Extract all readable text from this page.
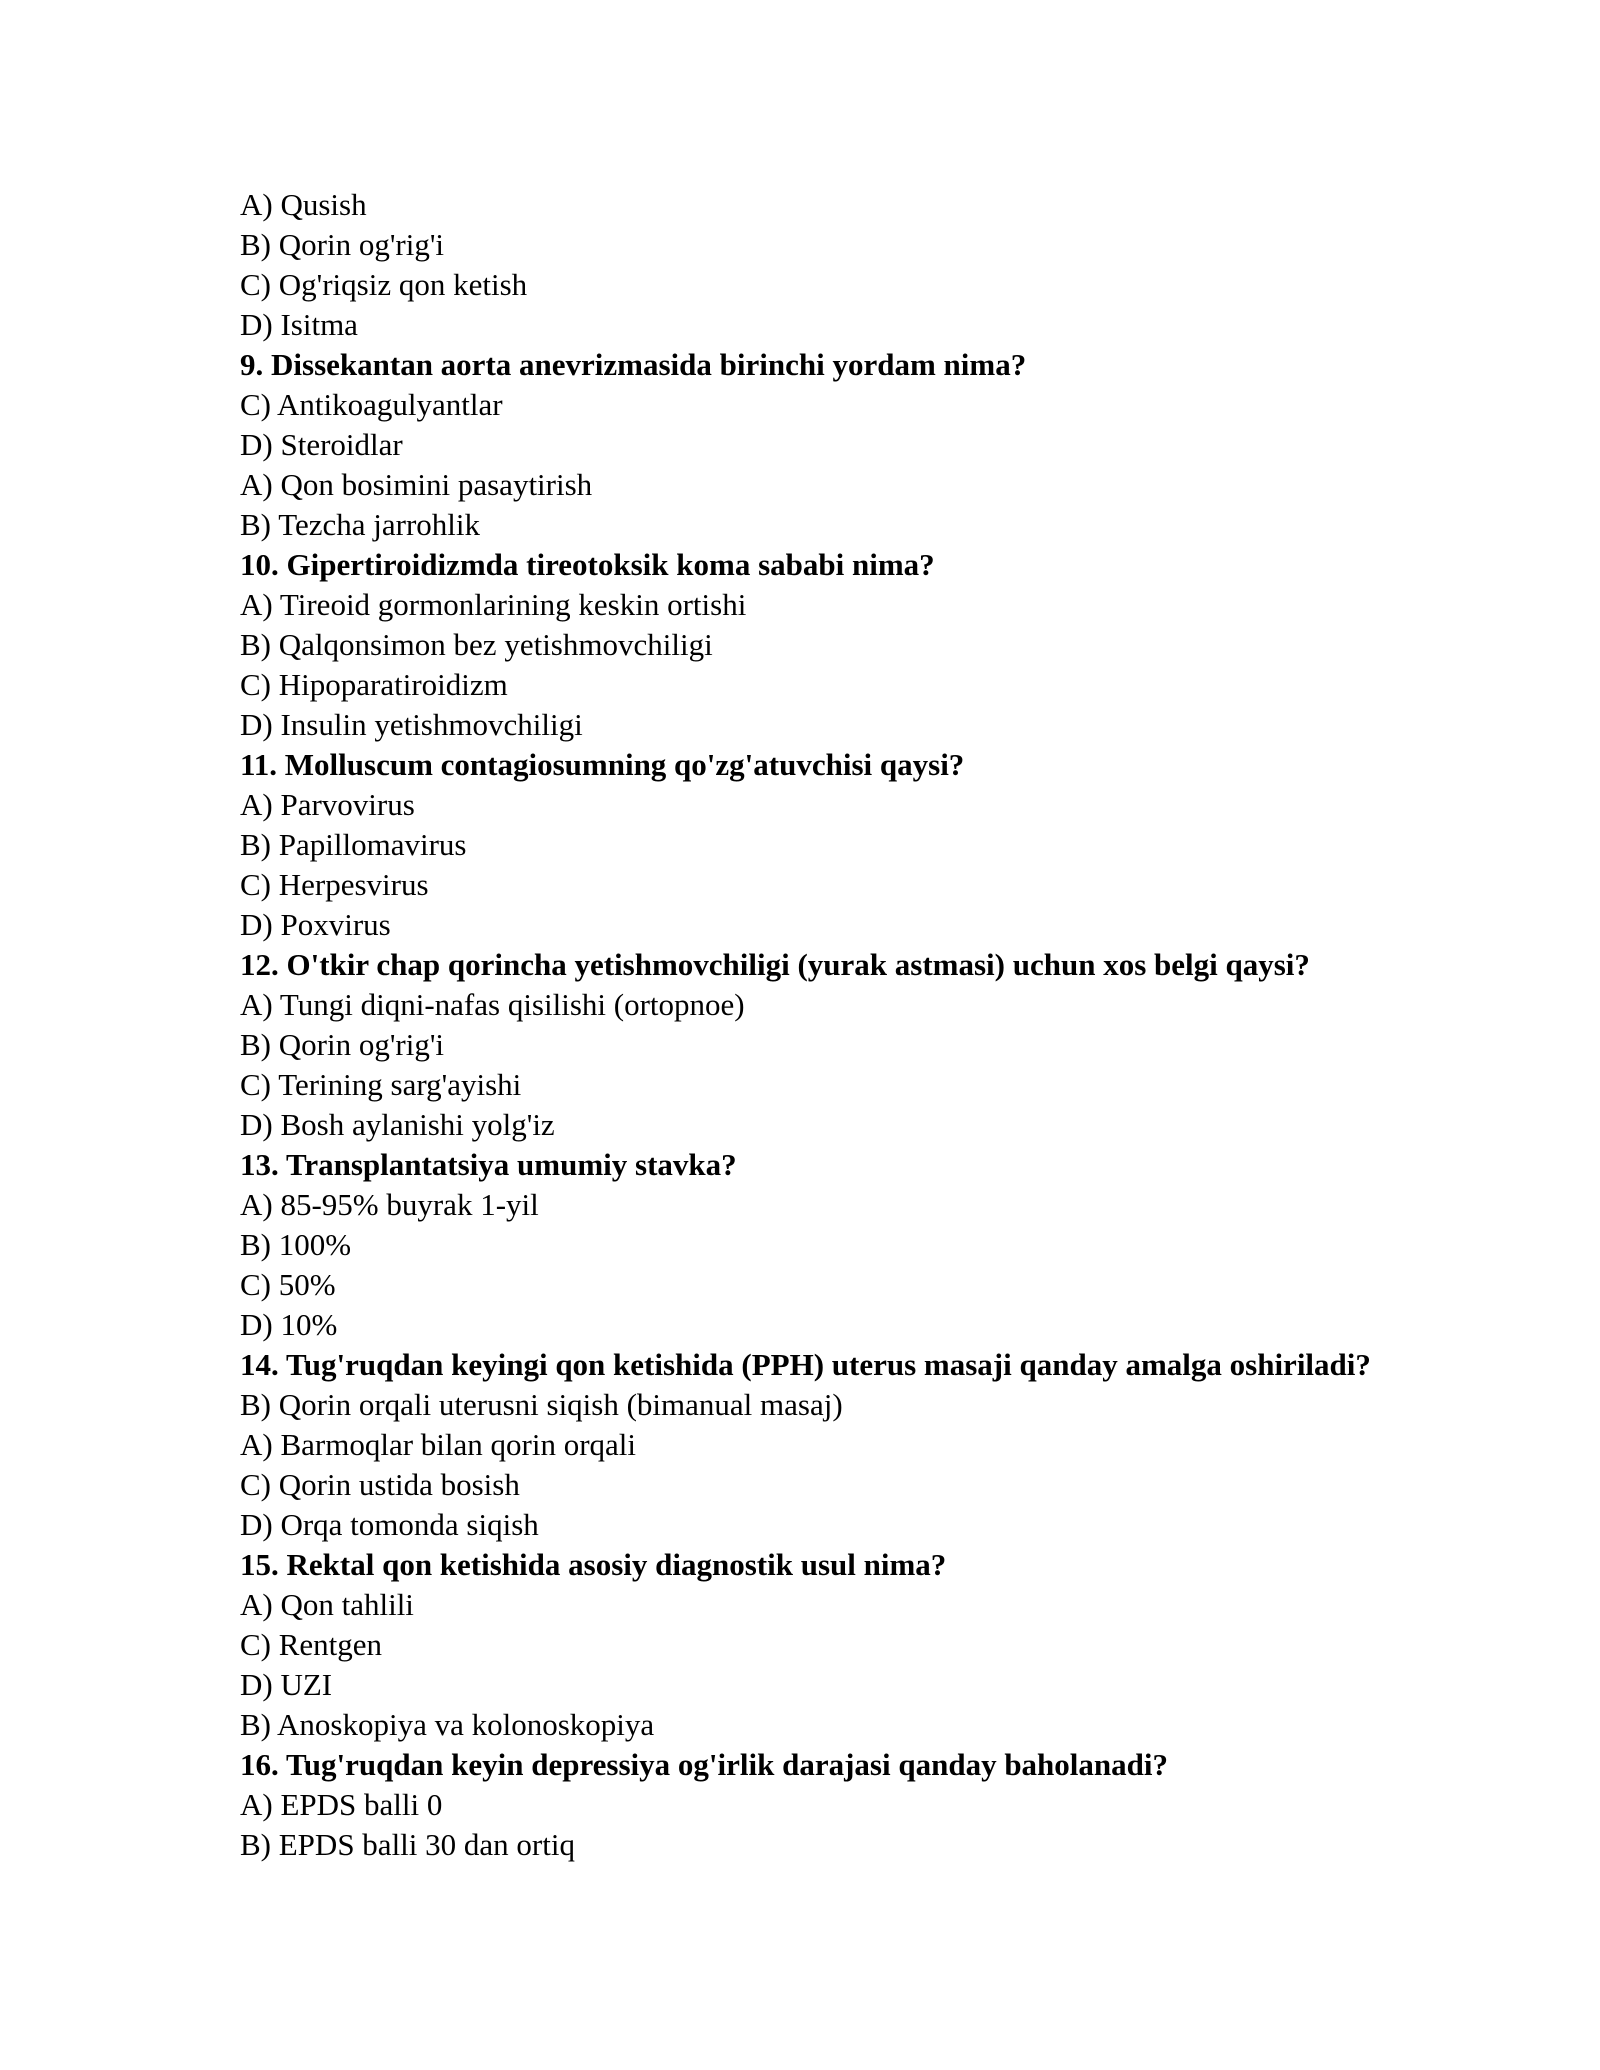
A) Qusish
B) Qorin og'rig'i
C) Og'riqsiz qon ketish
D) Isitma
9. Dissekantan aorta anevrizmasida birinchi yordam nima?
C) Antikoagulyantlar
D) Steroidlar
A) Qon bosimini pasaytirish
B) Tezcha jarrohlik
10. Gipertiroidizmda tireotoksik koma sababi nima?
A) Tireoid gormonlarining keskin ortishi
B) Qalqonsimon bez yetishmovchiligi
C) Hipoparatiroidizm
D) Insulin yetishmovchiligi
11. Molluscum contagiosumning qo'zg'atuvchisi qaysi?
A) Parvovirus
B) Papillomavirus
C) Herpesvirus
D) Poxvirus
12. O'tkir chap qorincha yetishmovchiligi (yurak astmasi) uchun xos belgi qaysi?
A) Tungi diqni-nafas qisilishi (ortopnoe)
B) Qorin og'rig'i
C) Terining sarg'ayishi
D) Bosh aylanishi yolg'iz
13. Transplantatsiya umumiy stavka?
A) 85-95% buyrak 1-yil
B) 100%
C) 50%
D) 10%
14. Tug'ruqdan keyingi qon ketishida (PPH) uterus masaji qanday amalga oshiriladi?
B) Qorin orqali uterusni siqish (bimanual masaj)
A) Barmoqlar bilan qorin orqali
C) Qorin ustida bosish
D) Orqa tomonda siqish
15. Rektal qon ketishida asosiy diagnostik usul nima?
A) Qon tahlili
C) Rentgen
D) UZI
B) Anoskopiya va kolonoskopiya
16. Tug'ruqdan keyin depressiya og'irlik darajasi qanday baholanadi?
A) EPDS balli 0
B) EPDS balli 30 dan ortiq
